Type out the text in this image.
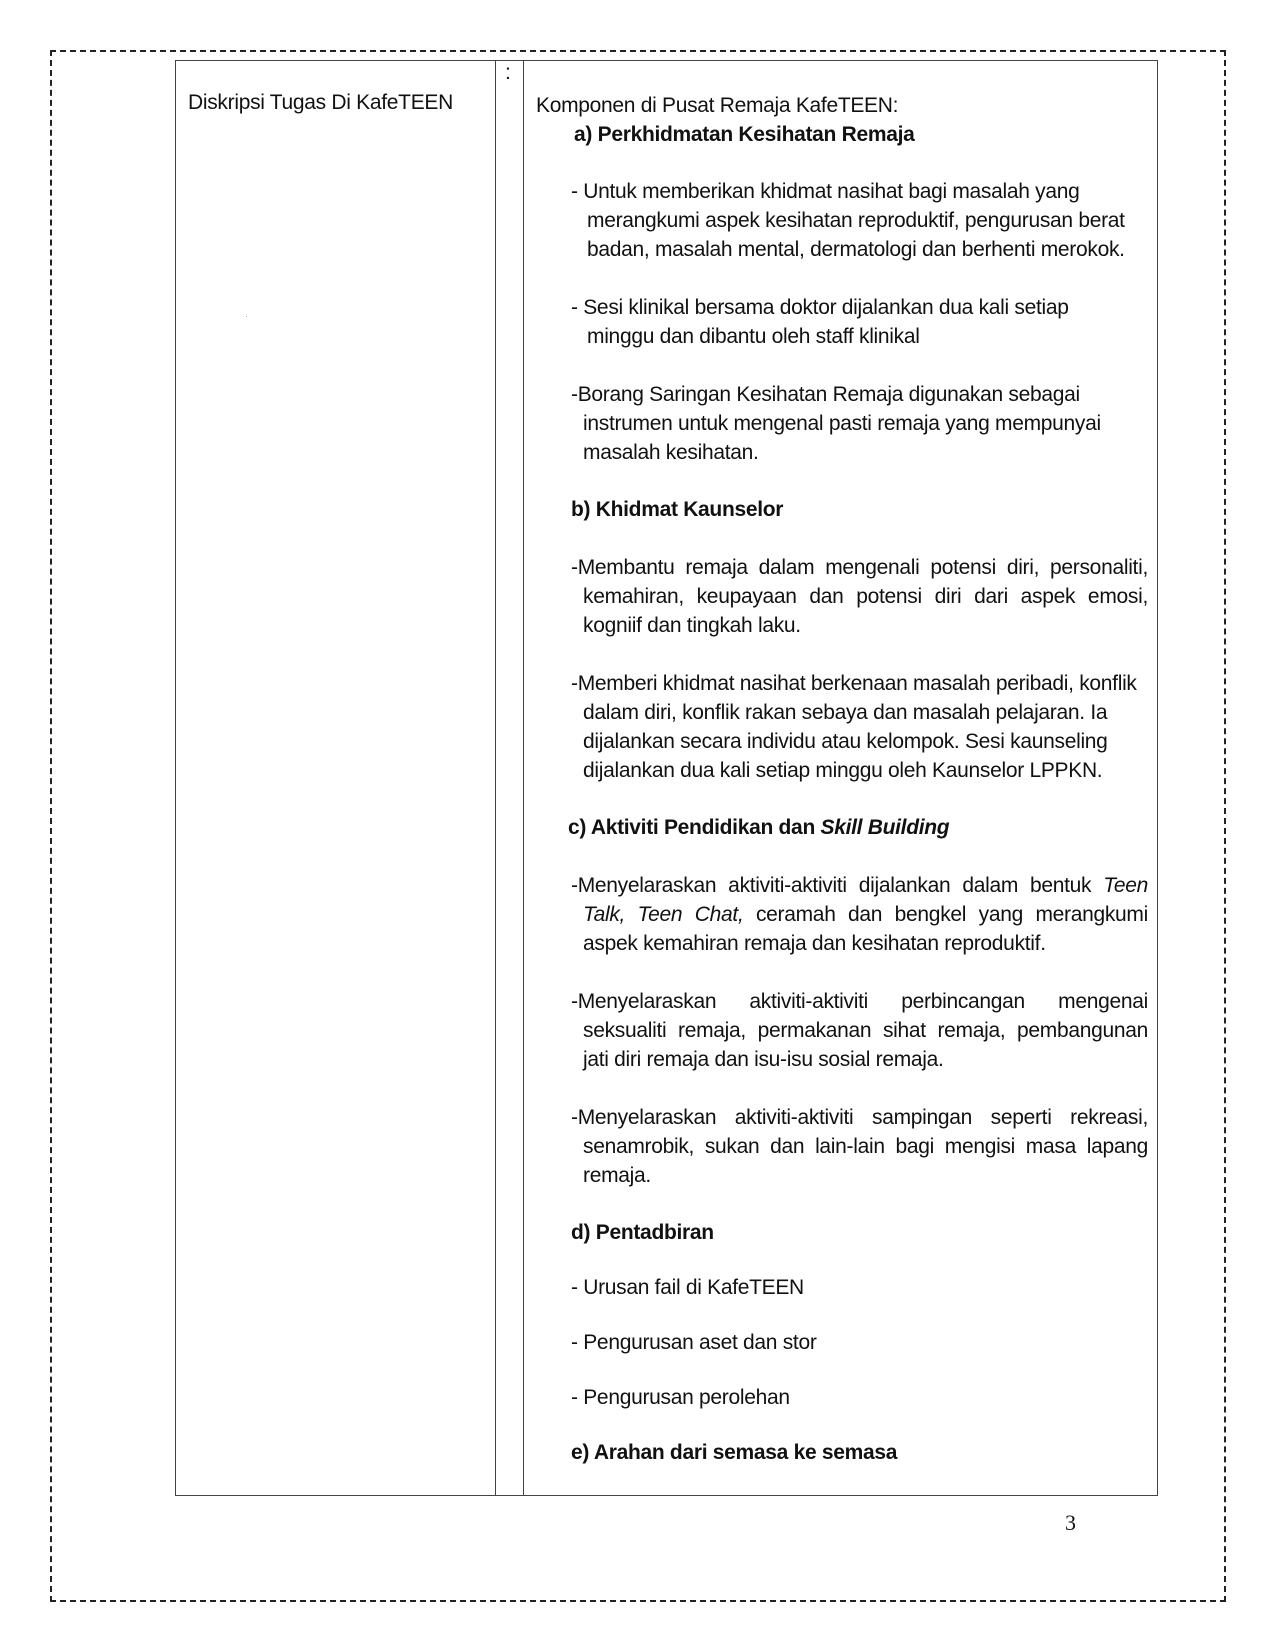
Diskripsi Tugas Di KafeTEEN
:

Komponen di Pusat Remaja KafeTEEN:

a) Perkhidmatan Kesihatan Remaja

- Untuk memberikan khidmat nasihat bagi masalah yang merangkumi aspek kesihatan reproduktif, pengurusan berat badan, masalah mental, dermatologi dan berhenti merokok.

- Sesi klinikal bersama doktor dijalankan dua kali setiap minggu dan dibantu oleh staff klinikal

-Borang Saringan Kesihatan Remaja digunakan sebagai instrumen untuk mengenal pasti remaja yang mempunyai masalah kesihatan.

b) Khidmat Kaunselor

-Membantu remaja dalam mengenali potensi diri, personaliti, kemahiran, keupayaan dan potensi diri dari aspek emosi, kogniif dan tingkah laku.

-Memberi khidmat nasihat berkenaan masalah peribadi, konflik dalam diri, konflik rakan sebaya dan masalah pelajaran. Ia dijalankan secara individu atau kelompok. Sesi kaunseling dijalankan dua kali setiap minggu oleh Kaunselor LPPKN.

c) Aktiviti Pendidikan dan Skill Building

-Menyelaraskan aktiviti-aktiviti dijalankan dalam bentuk Teen Talk, Teen Chat, ceramah dan bengkel yang merangkumi aspek kemahiran remaja dan kesihatan reproduktif.

-Menyelaraskan aktiviti-aktiviti perbincangan mengenai seksualiti remaja, permakanan sihat remaja, pembangunan jati diri remaja dan isu-isu sosial remaja.

-Menyelaraskan aktiviti-aktiviti sampingan seperti rekreasi, senamrobik, sukan dan lain-lain bagi mengisi masa lapang remaja.

d) Pentadbiran

- Urusan fail di KafeTEEN

- Pengurusan aset dan stor

- Pengurusan perolehan

e) Arahan dari semasa ke semasa

3
